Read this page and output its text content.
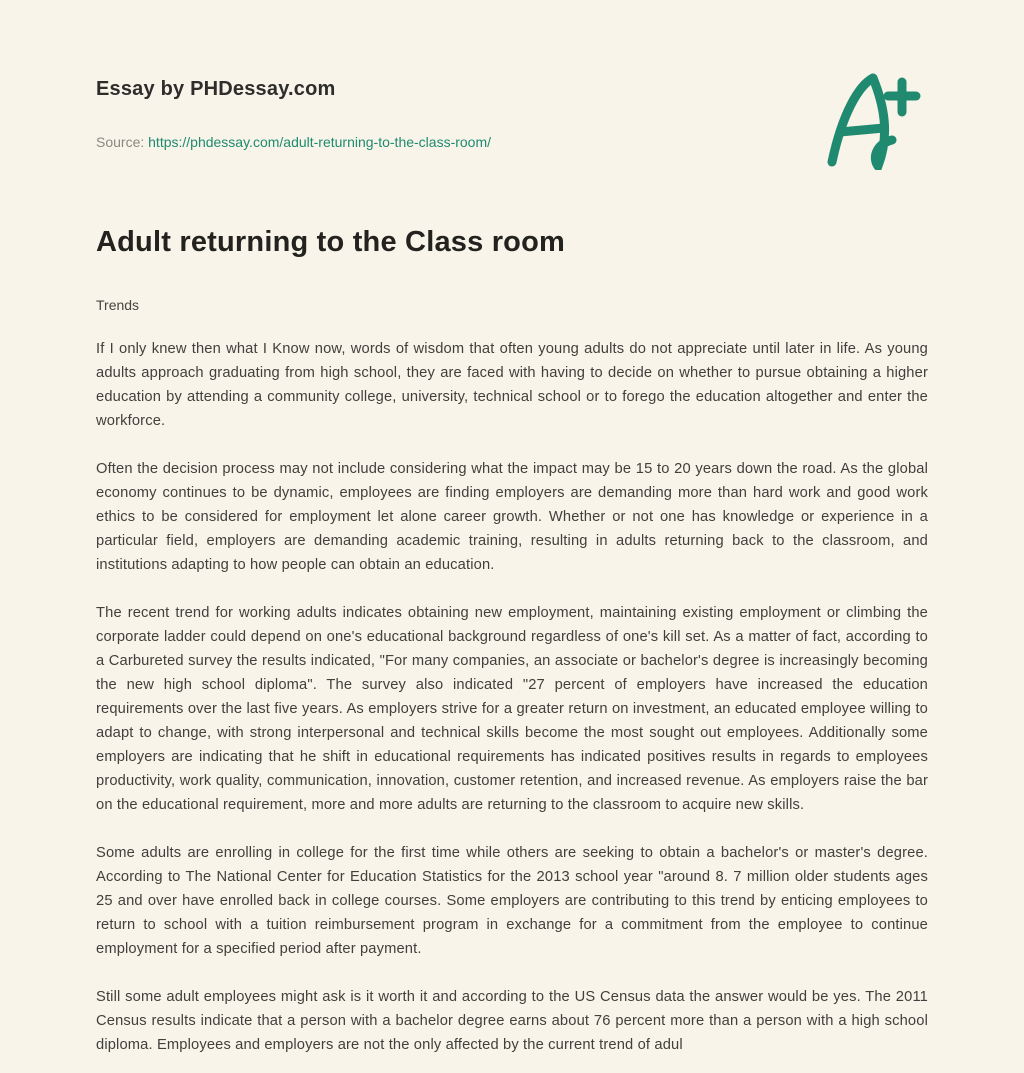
Essay by PHDessay.com
Source: https://phdessay.com/adult-returning-to-the-class-room/
Adult returning to the Class room
Trends

If I only knew then what I Know now, words of wisdom that often young adults do not appreciate until later in life. As young adults approach graduating from high school, they are faced with having to decide on whether to pursue obtaining a higher education by attending a community college, university, technical school or to forego the education altogether and enter the workforce.

Often the decision process may not include considering what the impact may be 15 to 20 years down the road. As the global economy continues to be dynamic, employees are finding employers are demanding more than hard work and good work ethics to be considered for employment let alone career growth. Whether or not one has knowledge or experience in a particular field, employers are demanding academic training, resulting in adults returning back to the classroom, and institutions adapting to how people can obtain an education.

The recent trend for working adults indicates obtaining new employment, maintaining existing employment or climbing the corporate ladder could depend on one's educational background regardless of one's kill set. As a matter of fact, according to a Carbureted survey the results indicated, "For many companies, an associate or bachelor's degree is increasingly becoming the new high school diploma". The survey also indicated "27 percent of employers have increased the education requirements over the last five years. As employers strive for a greater return on investment, an educated employee willing to adapt to change, with strong interpersonal and technical skills become the most sought out employees. Additionally some employers are indicating that he shift in educational requirements has indicated positives results in regards to employees productivity, work quality, communication, innovation, customer retention, and increased revenue. As employers raise the bar on the educational requirement, more and more adults are returning to the classroom to acquire new skills.

Some adults are enrolling in college for the first time while others are seeking to obtain a bachelor's or master's degree. According to The National Center for Education Statistics for the 2013 school year "around 8. 7 million older students ages 25 and over have enrolled back in college courses. Some employers are contributing to this trend by enticing employees to return to school with a tuition reimbursement program in exchange for a commitment from the employee to continue employment for a specified period after payment.

Still some adult employees might ask is it worth it and according to the US Census data the answer would be yes. The 2011 Census results indicate that a person with a bachelor degree earns about 76 percent more than a person with a high school diploma. Employees and employers are not the only affected by the current trend of adul
